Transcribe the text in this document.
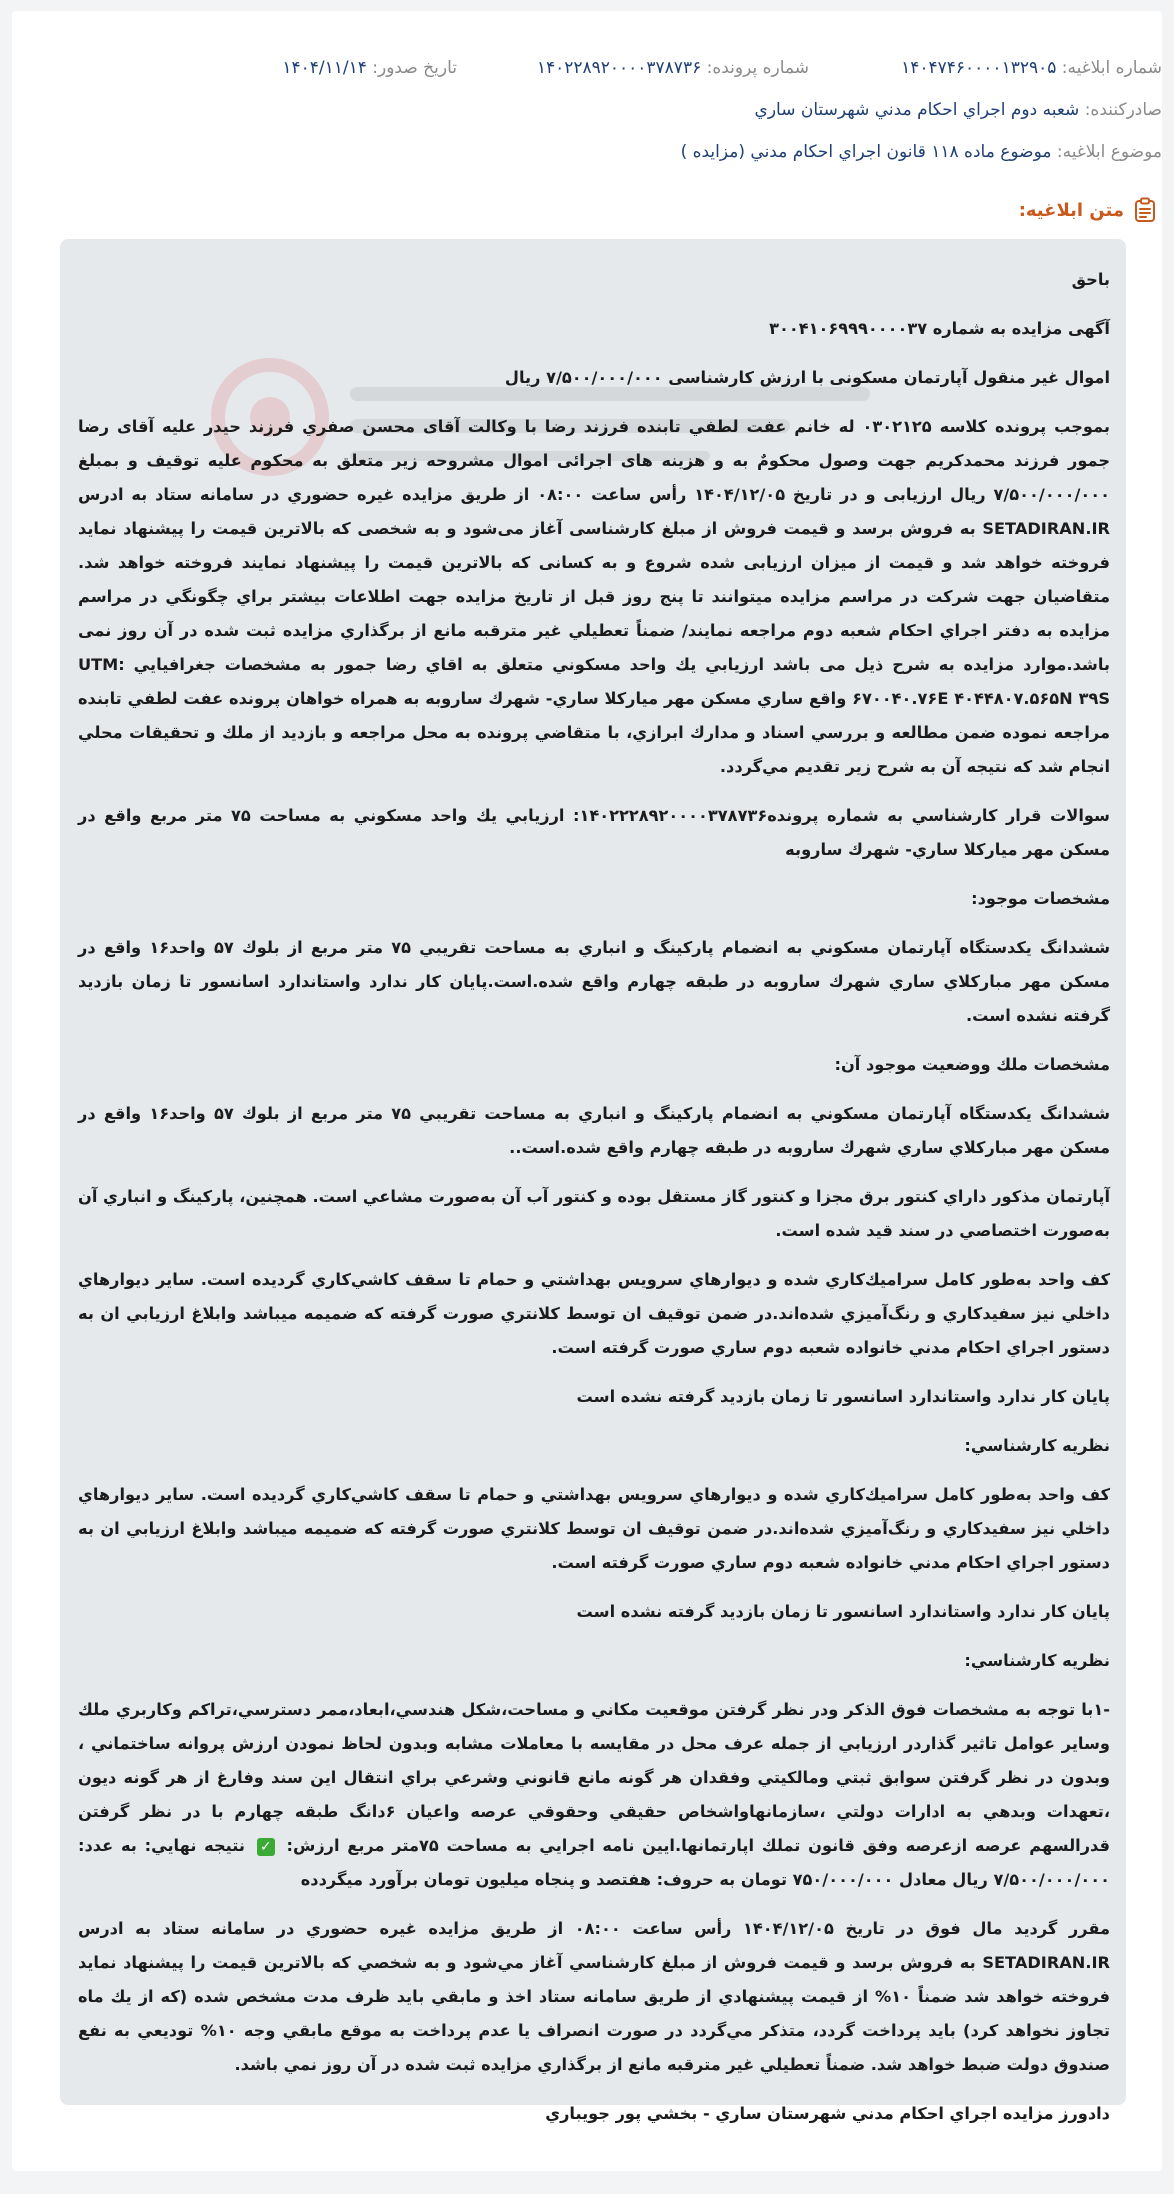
شماره ابلاغیه: ۱۴۰۴۷۴۶۰۰۰۰۱۳۲۹۰۵
شماره پرونده: ۱۴۰۲۲۸۹۲۰۰۰۰۳۷۸۷۳۶
تاریخ صدور: ۱۴۰۴/۱۱/۱۴
صادرکننده: شعبه دوم اجراي احكام مدني شهرستان ساري
موضوع ابلاغیه: موضوع ماده ۱۱۸ قانون اجراي احكام مدني (مزايده )
متن ابلاغیه:

باحق

آگهی مزایده به شماره ۳۰۰۴۱۰۶۹۹۹۰۰۰۰۳۷

اموال غیر منقول آپارتمان مسکونی با ارزش کارشناسی ۷/۵۰۰/۰۰۰/۰۰۰ ریال

بموجب پرونده کلاسه ۰۳۰۲۱۲۵ له خانم عفت لطفي تابنده فرزند رضا با وكالت آقای محسن صفري فرزند حيدر علیه آقای رضا جمور فرزند محمدكريم جهت وصول محکومٌ به و هزینه های اجرائی اموال مشروحه زیر متعلق به محکوم علیه توقیف و بمبلغ ۷/۵۰۰/۰۰۰/۰۰۰ ریال ارزیابی و در تاریخ ۱۴۰۴/۱۲/۰۵ رأس ساعت ۰۸:۰۰ از طریق مزایده غیره حضوري در سامانه ستاد به ادرس SETADIRAN.IR به فروش برسد و قیمت فروش از مبلغ کارشناسی آغاز می‌شود و به شخصی که بالاترین قیمت را پیشنهاد نماید فروخته خواهد شد و قیمت از میزان ارزیابی شده شروع و به کسانی که بالاترین قیمت را پیشنهاد نمایند فروخته خواهد شد. متقاضیان جهت شركت در مراسم مزايده ميتوانند تا پنج روز قبل از تاريخ مزايده جهت اطلاعات بيشتر براي چگونگي در مراسم مزايده به دفتر اجراي احكام شعبه دوم مراجعه نمايند/ ضمناً تعطيلي غير مترقبه مانع از برگذاري مزايده ثبت شده در آن روز نمی باشد.موارد مزایده به شرح ذیل می باشد ارزيابي يك واحد مسكوني متعلق به اقاي رضا جمور به مشخصات جغرافيايي UTM: ۶۷۰۰۴۰.۷۶E ۴۰۴۴۸۰۷.۵۶۵N ۳۹S واقع ساري مسكن مهر ميارکلا ساري- شهرك ساروبه به همراه خواهان پرونده عفت لطفي تابنده مراجعه نموده ضمن مطالعه و بررسي اسناد و مدارك ابرازي، با متقاضي پرونده به محل مراجعه و بازديد از ملك و تحقيقات محلي انجام شد كه نتيجه آن به شرح زير تقديم مي‌گردد.

سوالات قرار كارشناسي به شماره پرونده۱۴۰۲۲۲۸۹۲۰۰۰۰۳۷۸۷۳۶: ارزيابي يك واحد مسكوني به مساحت ۷۵ متر مربع واقع در مسكن مهر ميارکلا ساري- شهرك ساروبه

مشخصات موجود:

ششدانگ يكدستگاه آپارتمان مسكوني به انضمام پاركينگ و انباري به مساحت تقريبي ۷۵ متر مربع از بلوك ۵۷ واحد۱۶ واقع در مسكن مهر مبارکلاي ساري شهرك ساروبه در طبقه چهارم واقع شده.است.پايان كار ندارد واستاندارد اسانسور تا زمان بازديد گرفته نشده است.

مشخصات ملك ووضعيت موجود آن:

ششدانگ يكدستگاه آپارتمان مسكوني به انضمام پاركينگ و انباري به مساحت تقريبي ۷۵ متر مربع از بلوك ۵۷ واحد۱۶ واقع در مسكن مهر مبارکلاي ساري شهرك ساروبه در طبقه چهارم واقع شده.است..

آپارتمان مذكور داراي كنتور برق مجزا و كنتور گاز مستقل بوده و كنتور آب آن به‌صورت مشاعي است. همچنين، پاركينگ و انباري آن به‌صورت اختصاصي در سند قيد شده است.

كف واحد به‌طور كامل سراميك‌كاري شده و ديوارهاي سرويس بهداشتي و حمام تا سقف كاشي‌كاري گرديده است. ساير ديوارهاي داخلي نيز سفيدكاري و رنگ‌آميزي شده‌اند.در ضمن توقيف ان توسط كلانتري صورت گرفته كه ضميمه ميباشد وابلاغ ارزيابي ان به دستور اجراي احكام مدني خانواده شعبه دوم ساري صورت گرفته است.

پايان كار ندارد واستاندارد اسانسور تا زمان بازديد گرفته نشده است

نظريه كارشناسي:

كف واحد به‌طور كامل سراميك‌كاري شده و ديوارهاي سرويس بهداشتي و حمام تا سقف كاشي‌كاري گرديده است. ساير ديوارهاي داخلي نيز سفيدكاري و رنگ‌آميزي شده‌اند.در ضمن توقيف ان توسط كلانتري صورت گرفته كه ضميمه ميباشد وابلاغ ارزيابي ان به دستور اجراي احكام مدني خانواده شعبه دوم ساري صورت گرفته است.

پايان كار ندارد واستاندارد اسانسور تا زمان بازديد گرفته نشده است

نظريه كارشناسي:

-۱با توجه به مشخصات فوق الذكر ودر نظر گرفتن موقعيت مكاني و مساحت،شكل هندسي،ابعاد،ممر دسترسي،تراكم وكاربري ملك وساير عوامل تاثير گذاردر ارزيابي از جمله عرف محل در مقايسه با معاملات مشابه وبدون لحاظ نمودن ارزش پروانه ساختماني ، وبدون در نظر گرفتن سوابق ثبتي ومالكيتي وفقدان هر گونه مانع قانوني وشرعي براي انتقال اين سند وفارغ از هر گونه ديون ،تعهدات وبدهي به ادارات دولتي ،سازمانهاواشخاص حقيقي وحقوقي عرصه واعيان ۶دانگ طبقه چهارم با در نظر گرفتن قدرالسهم عرصه ازعرصه وفق قانون تملك اپارتمانها.ايين نامه اجرايي به مساحت ۷۵متر مربع ارزش: ✓ نتيجه نهايي: به عدد: ۷/۵۰۰/۰۰۰/۰۰۰ ريال معادل ۷۵۰/۰۰۰/۰۰۰ تومان به حروف: هفتصد و پنجاه ميليون تومان برآورد ميگردده

مقرر گرديد مال فوق در تاريخ ۱۴۰۴/۱۲/۰۵ رأس ساعت ۰۸:۰۰ از طريق مزايده غيره حضوري در سامانه ستاد به ادرس SETADIRAN.IR به فروش برسد و قيمت فروش از مبلغ كارشناسي آغاز مي‌شود و به شخصي كه بالاترين قيمت را پيشنهاد نمايد فروخته خواهد شد ضمناً ۱۰% از قيمت پيشنهادي از طريق سامانه ستاد اخذ و مابقي بايد ظرف مدت مشخص شده (كه از يك ماه تجاوز نخواهد كرد) بايد پرداخت گردد، متذكر مي‌گردد در صورت انصراف يا عدم پرداخت به موقع مابقي وجه ۱۰% توديعي به نفع صندوق دولت ضبط خواهد شد. ضمناً تعطيلي غير مترقبه مانع از برگذاري مزايده ثبت شده در آن روز نمي باشد.

دادورز مزايده اجراي احكام مدني شهرستان ساري - بخشي پور جويباري
